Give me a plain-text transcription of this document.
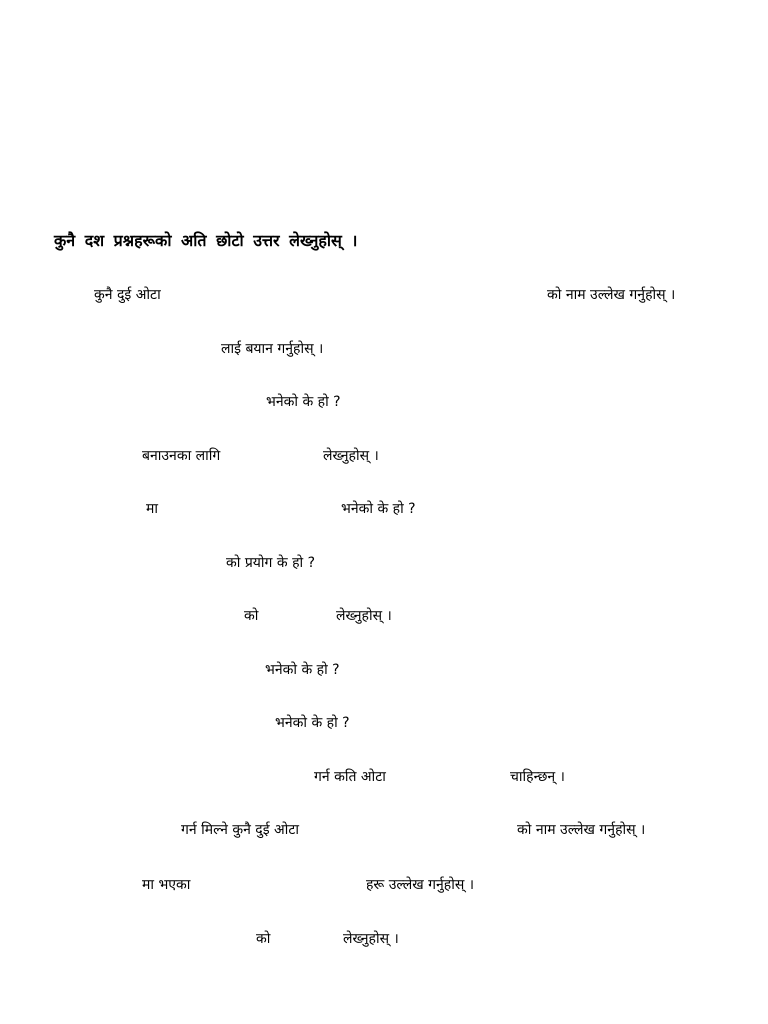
कुनै दश प्रश्नहरूको अति छोटो उत्तर लेख्नुहोस् ।
कुनै दुई ओटा	को नाम उल्लेख गर्नुहोस् ।
लाई बयान गर्नुहोस् ।
भनेको के हो ?
बनाउनका लागि	लेख्नुहोस् ।
मा	भनेको के हो ?
को प्रयोग के हो ?
को	लेख्नुहोस् ।
भनेको के हो ?
भनेको के हो ?
गर्न कति ओटा	चाहिन्छन् ।
गर्न मिल्ने कुनै दुई ओटा	को नाम उल्लेख गर्नुहोस् ।
मा भएका	हरू उल्लेख गर्नुहोस् ।
को	लेख्नुहोस् ।
